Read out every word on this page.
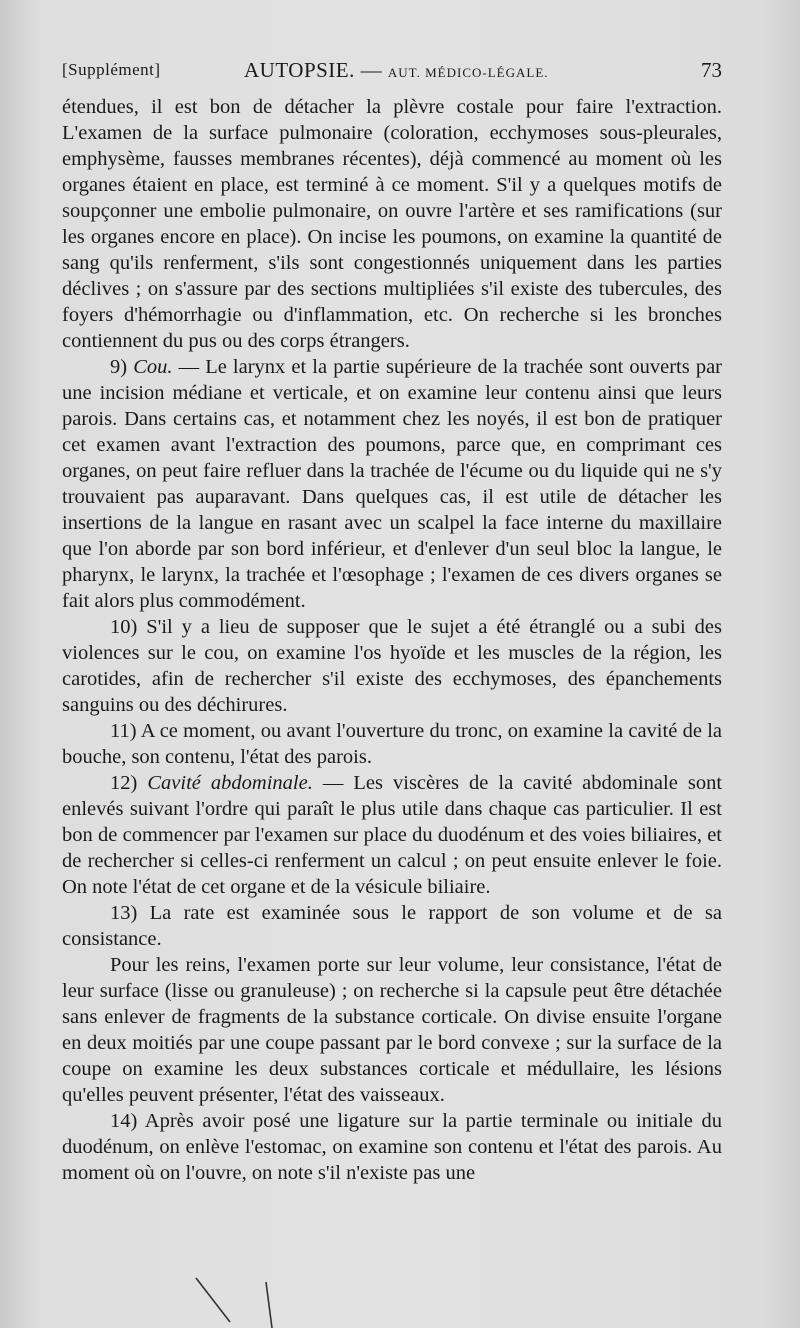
[Supplément]	AUTOPSIE. — AUT. MÉDICO-LÉGALE.	73

étendues, il est bon de détacher la plèvre costale pour faire l'extraction. L'examen de la surface pulmonaire (coloration, ecchymoses sous-pleurales, emphysème, fausses membranes récentes), déjà commencé au moment où les organes étaient en place, est terminé à ce moment. S'il y a quelques motifs de soupçonner une embolie pulmonaire, on ouvre l'artère et ses ramifications (sur les organes encore en place). On incise les poumons, on examine la quantité de sang qu'ils renferment, s'ils sont congestionnés uniquement dans les parties déclives ; on s'assure par des sections multipliées s'il existe des tubercules, des foyers d'hémorrhagie ou d'inflammation, etc. On recherche si les bronches contiennent du pus ou des corps étrangers.

9) Cou. — Le larynx et la partie supérieure de la trachée sont ouverts par une incision médiane et verticale, et on examine leur contenu ainsi que leurs parois. Dans certains cas, et notamment chez les noyés, il est bon de pratiquer cet examen avant l'extraction des poumons, parce que, en comprimant ces organes, on peut faire refluer dans la trachée de l'écume ou du liquide qui ne s'y trouvaient pas auparavant. Dans quelques cas, il est utile de détacher les insertions de la langue en rasant avec un scalpel la face interne du maxillaire que l'on aborde par son bord inférieur, et d'enlever d'un seul bloc la langue, le pharynx, le larynx, la trachée et l'œsophage ; l'examen de ces divers organes se fait alors plus commodément.

10) S'il y a lieu de supposer que le sujet a été étranglé ou a subi des violences sur le cou, on examine l'os hyoïde et les muscles de la région, les carotides, afin de rechercher s'il existe des ecchymoses, des épanchements sanguins ou des déchirures.

11) A ce moment, ou avant l'ouverture du tronc, on examine la cavité de la bouche, son contenu, l'état des parois.

12) Cavité abdominale. — Les viscères de la cavité abdominale sont enlevés suivant l'ordre qui paraît le plus utile dans chaque cas particulier. Il est bon de commencer par l'examen sur place du duodénum et des voies biliaires, et de rechercher si celles-ci renferment un calcul ; on peut ensuite enlever le foie. On note l'état de cet organe et de la vésicule biliaire.

13) La rate est examinée sous le rapport de son volume et de sa consistance.

Pour les reins, l'examen porte sur leur volume, leur consistance, l'état de leur surface (lisse ou granuleuse) ; on recherche si la capsule peut être détachée sans enlever de fragments de la substance corticale. On divise ensuite l'organe en deux moitiés par une coupe passant par le bord convexe ; sur la surface de la coupe on examine les deux substances corticale et médullaire, les lésions qu'elles peuvent présenter, l'état des vaisseaux.

14) Après avoir posé une ligature sur la partie terminale ou initiale du duodénum, on enlève l'estomac, on examine son contenu et l'état des parois. Au moment où on l'ouvre, on note s'il n'existe pas une
